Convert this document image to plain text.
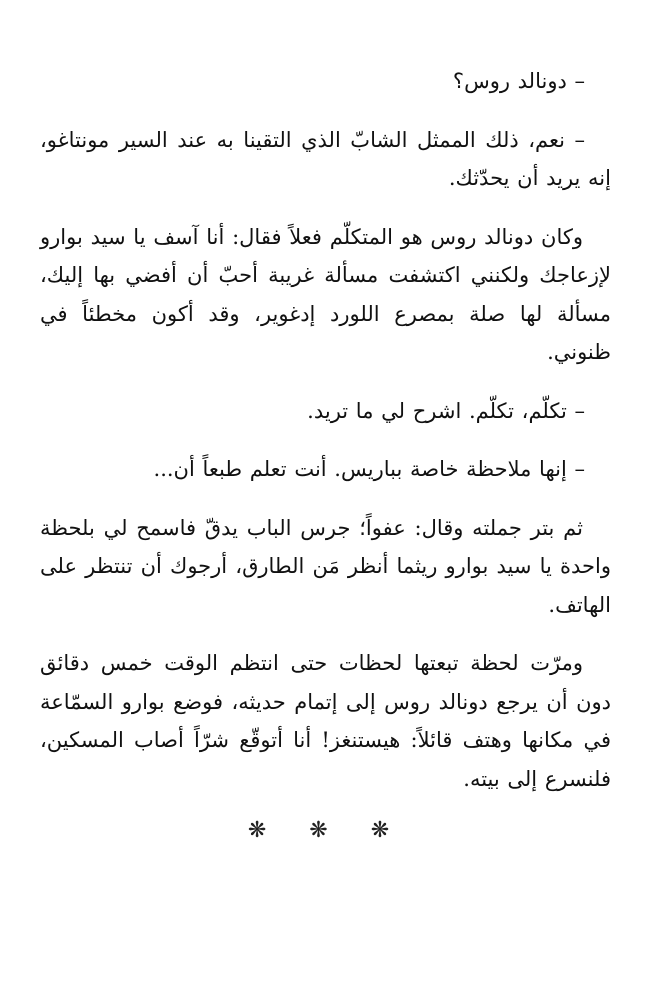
– دونالد روس؟

– نعم، ذلك الممثل الشابّ الذي التقينا به عند السير مونتاغو، إنه يريد أن يحدّثك.

وكان دونالد روس هو المتكلّم فعلاً فقال: أنا آسف يا سيد بوارو لإزعاجك ولكنني اكتشفت مسألة غريبة أحبّ أن أفضي بها إليك، مسألة لها صلة بمصرع اللورد إدغوير، وقد أكون مخطئاً في ظنوني.

– تكلّم، تكلّم. اشرح لي ما تريد.

– إنها ملاحظة خاصة بباريس. أنت تعلم طبعاً أن...

ثم بتر جملته وقال: عفواً؛ جرس الباب يدقّ فاسمح لي بلحظة واحدة يا سيد بوارو ريثما أنظر مَن الطارق، أرجوك أن تنتظر على الهاتف.

ومرّت لحظة تبعتها لحظات حتى انتظم الوقت خمس دقائق دون أن يرجع دونالد روس إلى إتمام حديثه، فوضع بوارو السمّاعة في مكانها وهتف قائلاً: هيستنغز! أنا أتوقّع شرّاً أصاب المسكين، فلنسرع إلى بيته.

❋ ❋ ❋
